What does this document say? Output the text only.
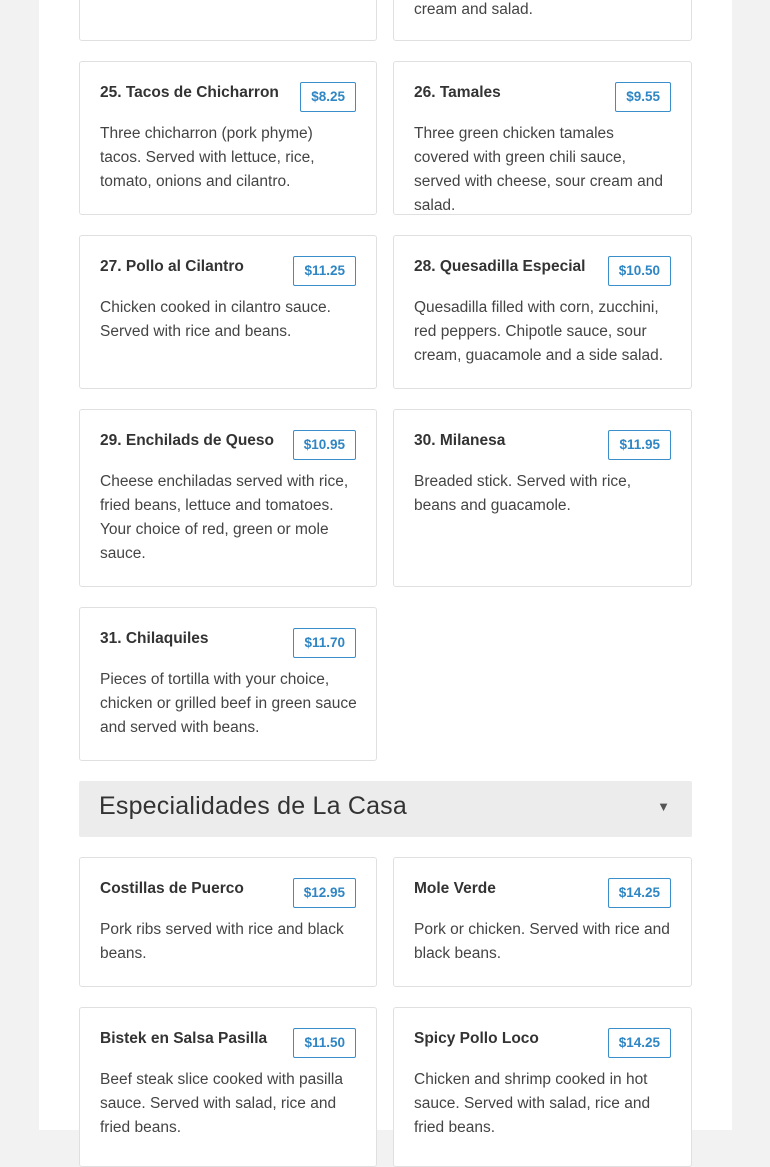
cream and salad.
25. Tacos de Chicharron	$8.25
Three chicharron (pork phyme) tacos. Served with lettuce, rice, tomato, onions and cilantro.
26. Tamales	$9.55
Three green chicken tamales covered with green chili sauce, served with cheese, sour cream and salad.
27. Pollo al Cilantro	$11.25
Chicken cooked in cilantro sauce. Served with rice and beans.
28. Quesadilla Especial	$10.50
Quesadilla filled with corn, zucchini, red peppers. Chipotle sauce, sour cream, guacamole and a side salad.
29. Enchilads de Queso	$10.95
Cheese enchiladas served with rice, fried beans, lettuce and tomatoes. Your choice of red, green or mole sauce.
30. Milanesa	$11.95
Breaded stick. Served with rice, beans and guacamole.
31. Chilaquiles	$11.70
Pieces of tortilla with your choice, chicken or grilled beef in green sauce and served with beans.
Especialidades de La Casa	▼
Costillas de Puerco	$12.95
Pork ribs served with rice and black beans.
Mole Verde	$14.25
Pork or chicken. Served with rice and black beans.
Bistek en Salsa Pasilla	$11.50
Beef steak slice cooked with pasilla sauce. Served with salad, rice and fried beans.
Spicy Pollo Loco	$14.25
Chicken and shrimp cooked in hot sauce. Served with salad, rice and fried beans.
